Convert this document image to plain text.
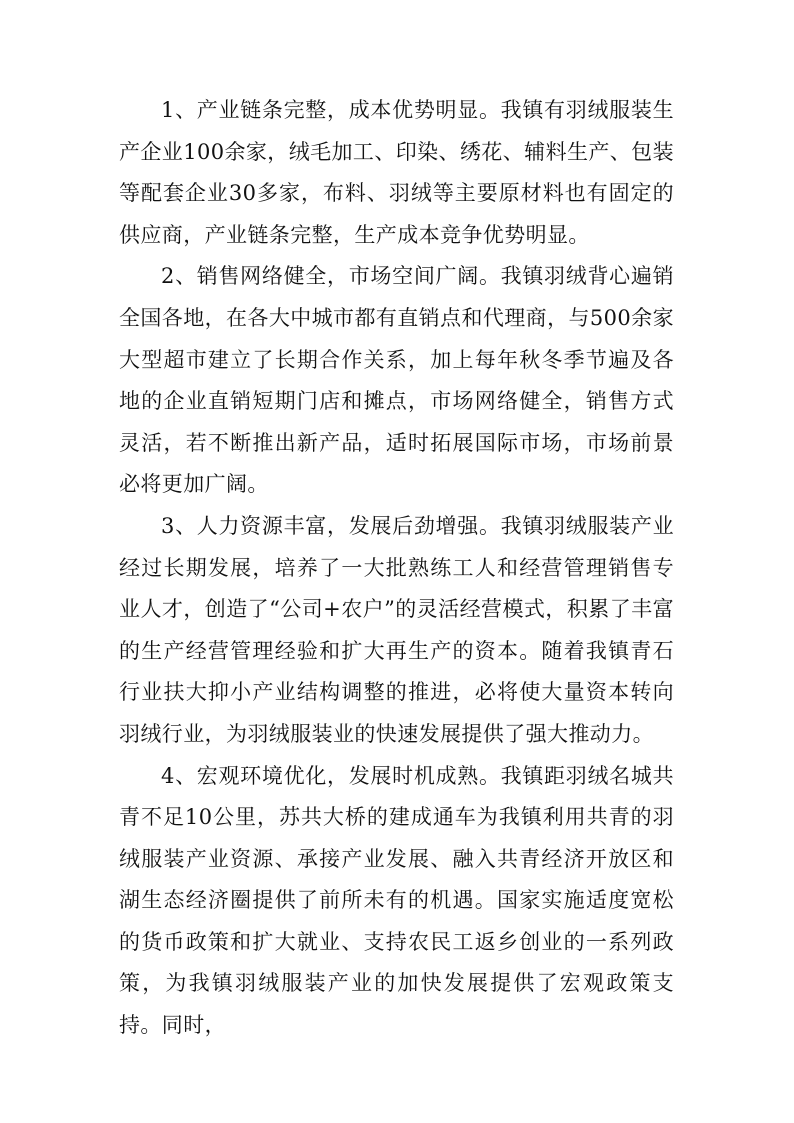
1、产业链条完整，成本优势明显。我镇有羽绒服装生产企业100余家，绒毛加工、印染、绣花、辅料生产、包装等配套企业30多家，布料、羽绒等主要原材料也有固定的供应商，产业链条完整，生产成本竞争优势明显。

2、销售网络健全，市场空间广阔。我镇羽绒背心遍销全国各地，在各大中城市都有直销点和代理商，与500余家大型超市建立了长期合作关系，加上每年秋冬季节遍及各地的企业直销短期门店和摊点，市场网络健全，销售方式灵活，若不断推出新产品，适时拓展国际市场，市场前景必将更加广阔。

3、人力资源丰富，发展后劲增强。我镇羽绒服装产业经过长期发展，培养了一大批熟练工人和经营管理销售专业人才，创造了“公司+农户”的灵活经营模式，积累了丰富的生产经营管理经验和扩大再生产的资本。随着我镇青石行业扶大抑小产业结构调整的推进，必将使大量资本转向羽绒行业，为羽绒服装业的快速发展提供了强大推动力。

4、宏观环境优化，发展时机成熟。我镇距羽绒名城共青不足10公里，苏共大桥的建成通车为我镇利用共青的羽绒服装产业资源、承接产业发展、融入共青经济开放区和湖生态经济圈提供了前所未有的机遇。国家实施适度宽松的货币政策和扩大就业、支持农民工返乡创业的一系列政策，为我镇羽绒服装产业的加快发展提供了宏观政策支持。同时，
